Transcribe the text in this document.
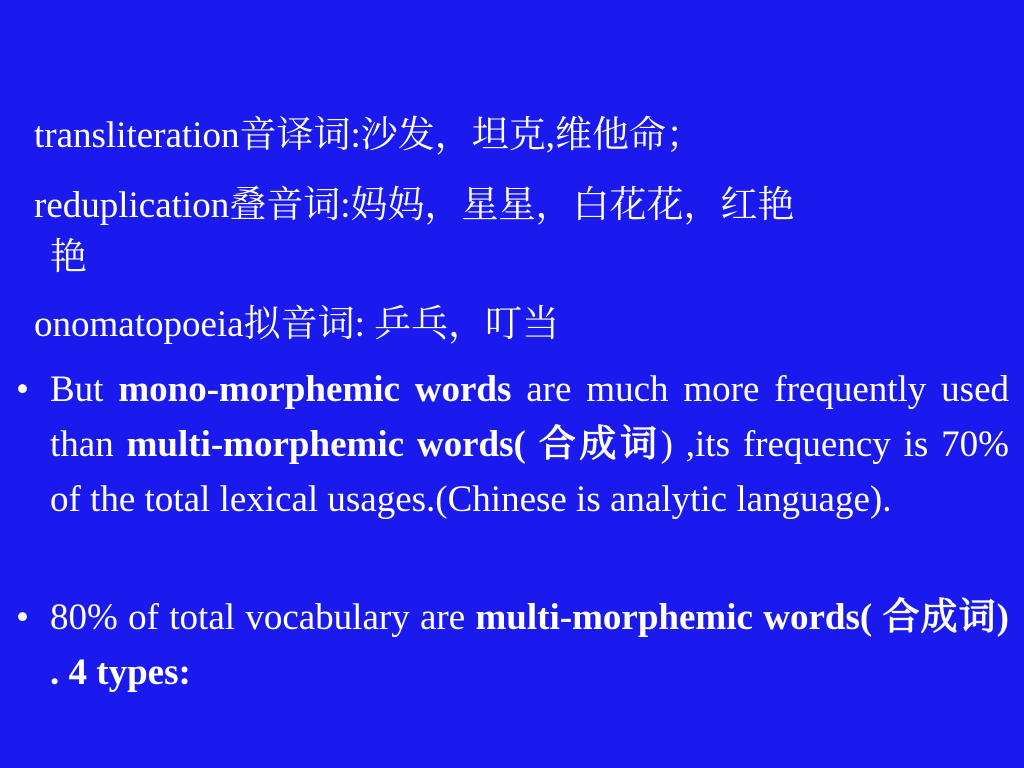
transliteration音译词:沙发，坦克,维他命；
reduplication叠音词:妈妈，星星，白花花，红艳
艳
onomatopoeia拟音词: 乒乓，叮当
• But mono-morphemic words are much more frequently used than multi-morphemic words( 合成词) ,its frequency is 70% of the total lexical usages.(Chinese is analytic language).
• 80% of total vocabulary are multi-morphemic words( 合成词) . 4 types:
